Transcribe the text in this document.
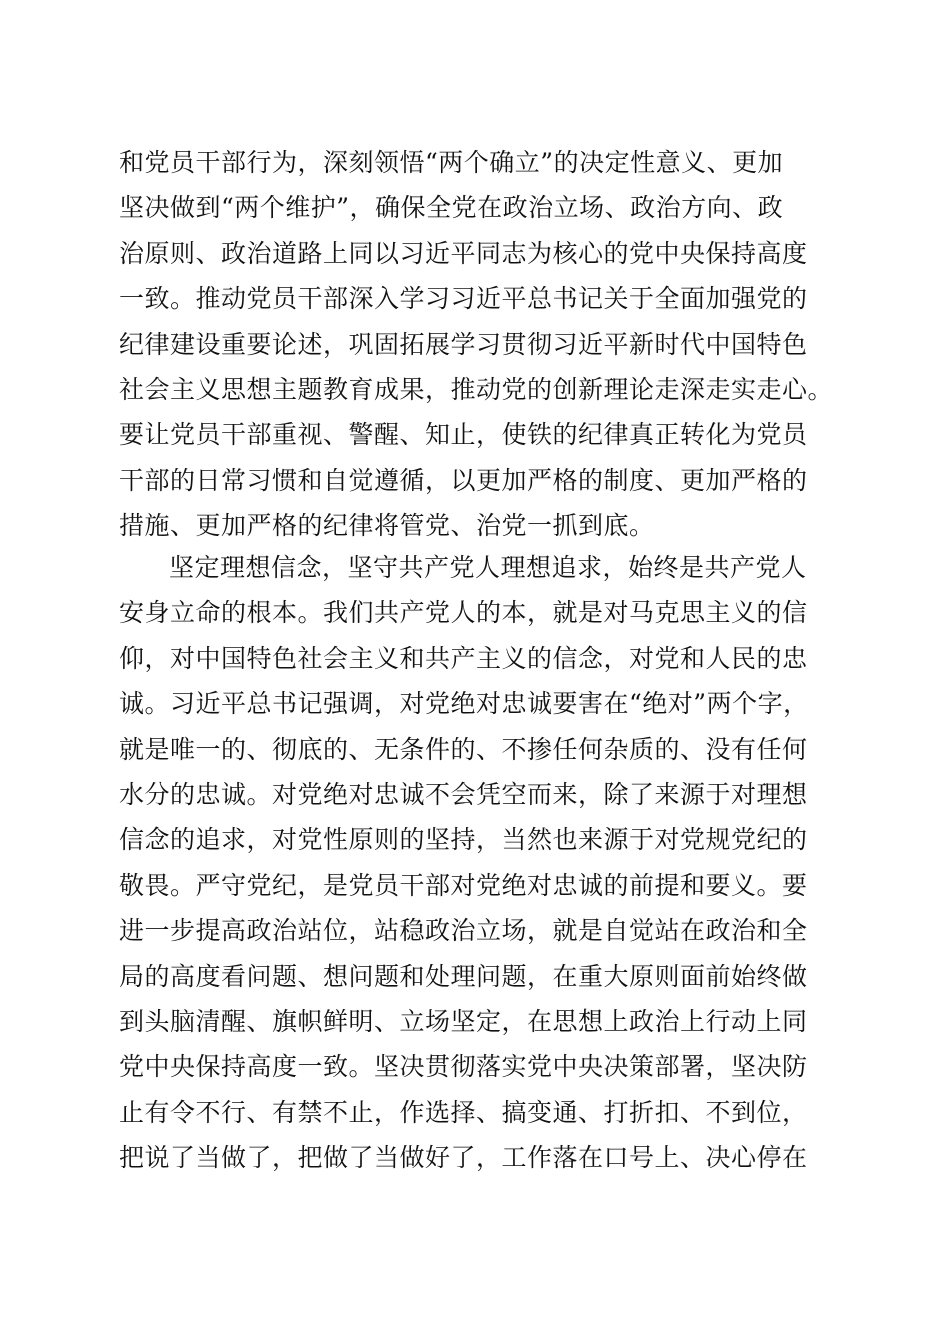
和党员干部行为，深刻领悟“两个确立”的决定性意义、更加
坚决做到“两个维护”，确保全党在政治立场、政治方向、政
治原则、政治道路上同以习近平同志为核心的党中央保持高度
一致。推动党员干部深入学习习近平总书记关于全面加强党的
纪律建设重要论述，巩固拓展学习贯彻习近平新时代中国特色
社会主义思想主题教育成果，推动党的创新理论走深走实走心。
要让党员干部重视、警醒、知止，使铁的纪律真正转化为党员
干部的日常习惯和自觉遵循，以更加严格的制度、更加严格的
措施、更加严格的纪律将管党、治党一抓到底。
坚定理想信念，坚守共产党人理想追求，始终是共产党人
安身立命的根本。我们共产党人的本，就是对马克思主义的信
仰，对中国特色社会主义和共产主义的信念，对党和人民的忠
诚。习近平总书记强调，对党绝对忠诚要害在“绝对”两个字，
就是唯一的、彻底的、无条件的、不掺任何杂质的、没有任何
水分的忠诚。对党绝对忠诚不会凭空而来，除了来源于对理想
信念的追求，对党性原则的坚持，当然也来源于对党规党纪的
敬畏。严守党纪，是党员干部对党绝对忠诚的前提和要义。要
进一步提高政治站位，站稳政治立场，就是自觉站在政治和全
局的高度看问题、想问题和处理问题，在重大原则面前始终做
到头脑清醒、旗帜鲜明、立场坚定，在思想上政治上行动上同
党中央保持高度一致。坚决贯彻落实党中央决策部署，坚决防
止有令不行、有禁不止，作选择、搞变通、打折扣、不到位，
把说了当做了，把做了当做好了，工作落在口号上、决心停在
